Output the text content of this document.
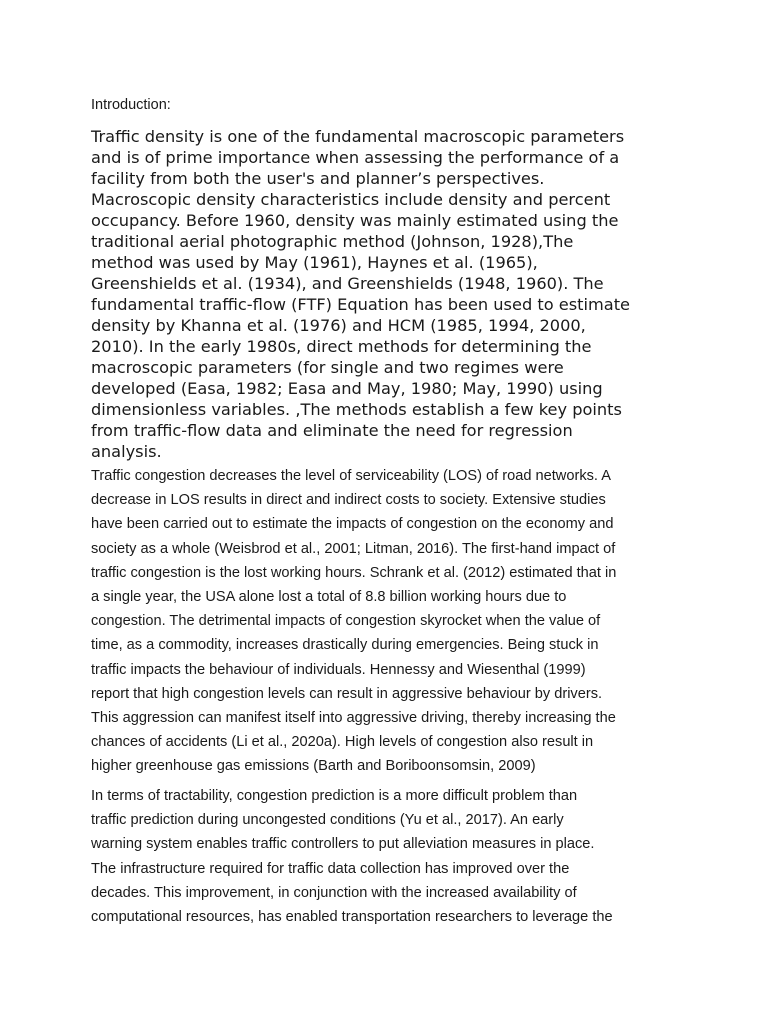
Introduction:

Traffic density is one of the fundamental macroscopic parameters
and is of prime importance when assessing the performance of a
facility from both the user's and planner’s perspectives.
Macroscopic density characteristics include density and percent
occupancy. Before 1960, density was mainly estimated using the
traditional aerial photographic method (Johnson, 1928),The
method was used by May (1961), Haynes et al. (1965),
Greenshields et al. (1934), and Greenshields (1948, 1960). The
fundamental traffic-flow (FTF) Equation has been used to estimate
density by Khanna et al. (1976) and HCM (1985, 1994, 2000,
2010). In the early 1980s, direct methods for determining the
macroscopic parameters (for single and two regimes were
developed (Easa, 1982; Easa and May, 1980; May, 1990) using
dimensionless variables. ,The methods establish a few key points
from traffic-flow data and eliminate the need for regression
analysis.
Traffic congestion decreases the level of serviceability (LOS) of road networks. A
decrease in LOS results in direct and indirect costs to society. Extensive studies
have been carried out to estimate the impacts of congestion on the economy and
society as a whole (Weisbrod et al., 2001; Litman, 2016). The first-hand impact of
traffic congestion is the lost working hours. Schrank et al. (2012) estimated that in
a single year, the USA alone lost a total of 8.8 billion working hours due to
congestion. The detrimental impacts of congestion skyrocket when the value of
time, as a commodity, increases drastically during emergencies. Being stuck in
traffic impacts the behaviour of individuals. Hennessy and Wiesenthal (1999)
report that high congestion levels can result in aggressive behaviour by drivers.
This aggression can manifest itself into aggressive driving, thereby increasing the
chances of accidents (Li et al., 2020a). High levels of congestion also result in
higher greenhouse gas emissions (Barth and Boriboonsomsin, 2009)
In terms of tractability, congestion prediction is a more difficult problem than
traffic prediction during uncongested conditions (Yu et al., 2017). An early
warning system enables traffic controllers to put alleviation measures in place.
The infrastructure required for traffic data collection has improved over the
decades. This improvement, in conjunction with the increased availability of
computational resources, has enabled transportation researchers to leverage the
